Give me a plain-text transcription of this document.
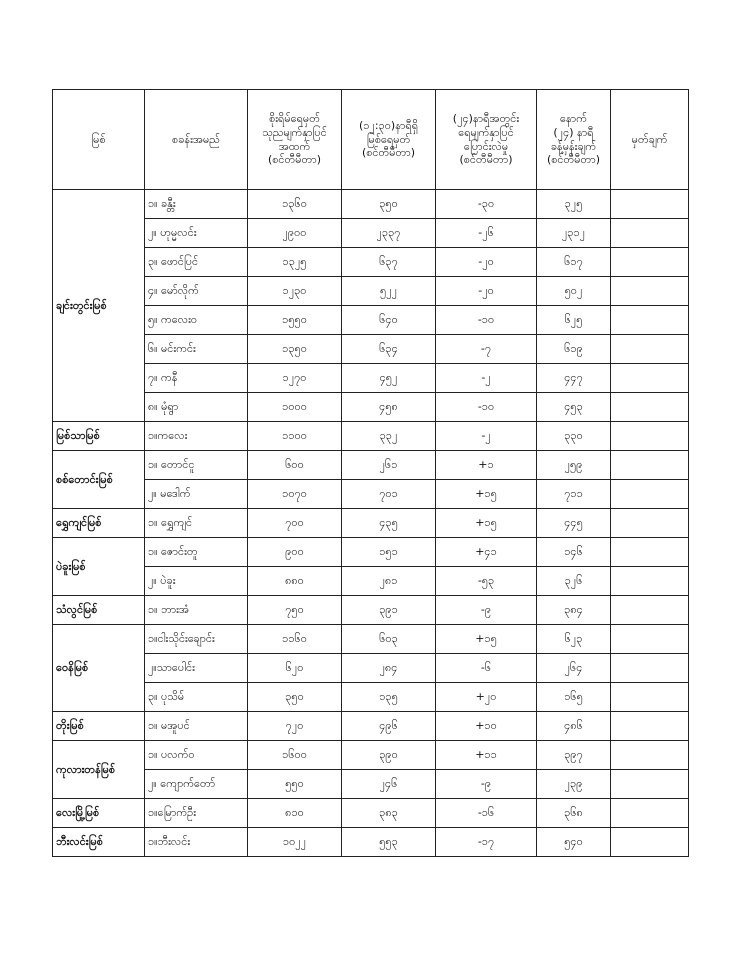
မြစ်	စခန်းအမည်	စိုးရိမ်ရေမှတ်
သုညမျက်နှာပြင်
အထက်
(စင်တီမီတာ)	(၁၂:၃၀)နာရီရှိ
မြစ်ရေမှတ်
(စင်တီမီတာ)	(၂၄)နာရီအတွင်း
ရေမျက်နှာပြင်
ပြောင်းလဲမှု
(စင်တီမီတာ)	နောက်
(၂၄) နာရီ
ခန့်မှန်းချက်
(စင်တီမီတာ)	မှတ်ချက်
ချင်းတွင်းမြစ်	၁။ ခန္တီး	၁၃၆၀	၃၅၀	-၃၀	၃၂၅	
	၂။ ဟုမ္မလင်း	၂၉၀၀	၂၃၃၇	-၂၆	၂၃၁၂	
	၃။ ဖောင်ပြင်	၁၃၂၅	၆၃၇	-၂၀	၆၁၇	
	၄။ မော်လိုက်	၁၂၃၀	၅၂၂	-၂၀	၅၀၂	
	၅။ ကလေးဝ	၁၅၅၀	၆၄၀	-၁၀	၆၂၅	
	၆။ မင်းကင်း	၁၃၅၀	၆၃၄	-၇	၆၁၉	
	၇။ ကနီ	၁၂၇၀	၄၅၂	-၂	၄၄၇	
	၈။ မုံရွာ	၁၀၀၀	၄၅၈	-၁၀	၄၅၃	
မြစ်သာမြစ်	၁။ကလေး	၁၁၀၀	၃၃၂	-၂	၃၃၀	
စစ်တောင်းမြစ်	၁။ တောင်ငူ	၆၀၀	၂၆၁	+၁	၂၅၉	
	၂။ မဒေါက်	၁၀၇၀	၇၀၁	+၁၅	၇၁၁	
ရွှေကျင်မြစ်	၁။ ရွှေကျင်	၇၀၀	၄၃၅	+၁၅	၄၄၅	
ပဲခူးမြစ်	၁။ ဇောင်းတူ	၉၀၀	၁၅၁	+၄၁	၁၄၆	
	၂။ ပဲခူး	၈၈၀	၂၈၁	-၅၃	၃၂၆	
သံလွင်မြစ်	၁။ ဘားအံ	၇၅၀	၃၉၁	-၉	၃၈၄	
ဝေနိမြစ်	၁။ငါးသိုင်းချောင်း	၁၁၆၀	၆၀၃	+၁၅	၆၂၃	
	၂။သာပေါင်း	၆၂၀	၂၈၄	-၆	၂၆၄	
	၃။ ပုသိမ်	၃၅၀	၁၃၅	+၂၀	၁၆၅	
တိုးမြစ်	၁။ မအူပင်	၇၂၀	၄၉၆	+၁၀	၄၈၆	
ကုလားတန်မြစ်	၁။ ပလက်ဝ	၁၆၀၀	၃၉၀	+၁၁	၃၉၇	
	၂။ ကျောက်တော်	၅၅၀	၂၄၆	-၉	၂၃၉	
လေးမြို့မြစ်	၁။မြောက်ဦး	၈၁၀	၃၈၃	-၁၆	၃၆၈	
ဘီးလင်းမြစ်	၁။ဘီးလင်း	၁၀၂၂	၅၅၃	-၁၇	၅၄၀	
